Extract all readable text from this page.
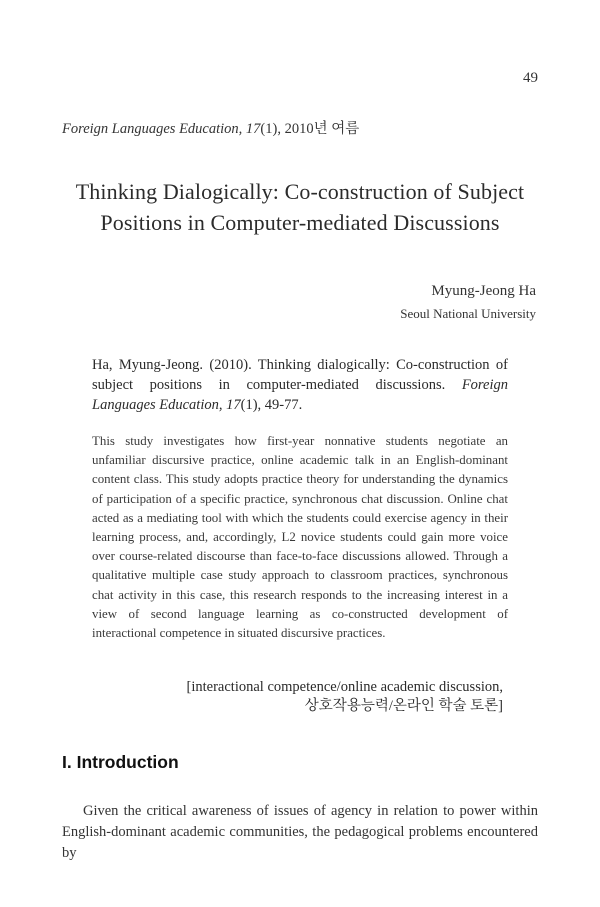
49
Foreign Languages Education, 17(1), 2010년 여름
Thinking Dialogically: Co-construction of Subject
Positions in Computer-mediated Discussions
Myung-Jeong Ha
Seoul National University
Ha, Myung-Jeong. (2010). Thinking dialogically: Co-construction of subject positions in computer-mediated discussions. Foreign Languages Education, 17(1), 49-77.

This study investigates how first-year nonnative students negotiate an unfamiliar discursive practice, online academic talk in an English-dominant content class. This study adopts practice theory for understanding the dynamics of participation of a specific practice, synchronous chat discussion. Online chat acted as a mediating tool with which the students could exercise agency in their learning process, and, accordingly, L2 novice students could gain more voice over course-related discourse than face-to-face discussions allowed. Through a qualitative multiple case study approach to classroom practices, synchronous chat activity in this case, this research responds to the increasing interest in a view of second language learning as co-constructed development of interactional competence in situated discursive practices.

[interactional competence/online academic discussion,
상호작용능력/온라인 학술 토론]
I. Introduction

Given the critical awareness of issues of agency in relation to power within English-dominant academic communities, the pedagogical problems encountered by
